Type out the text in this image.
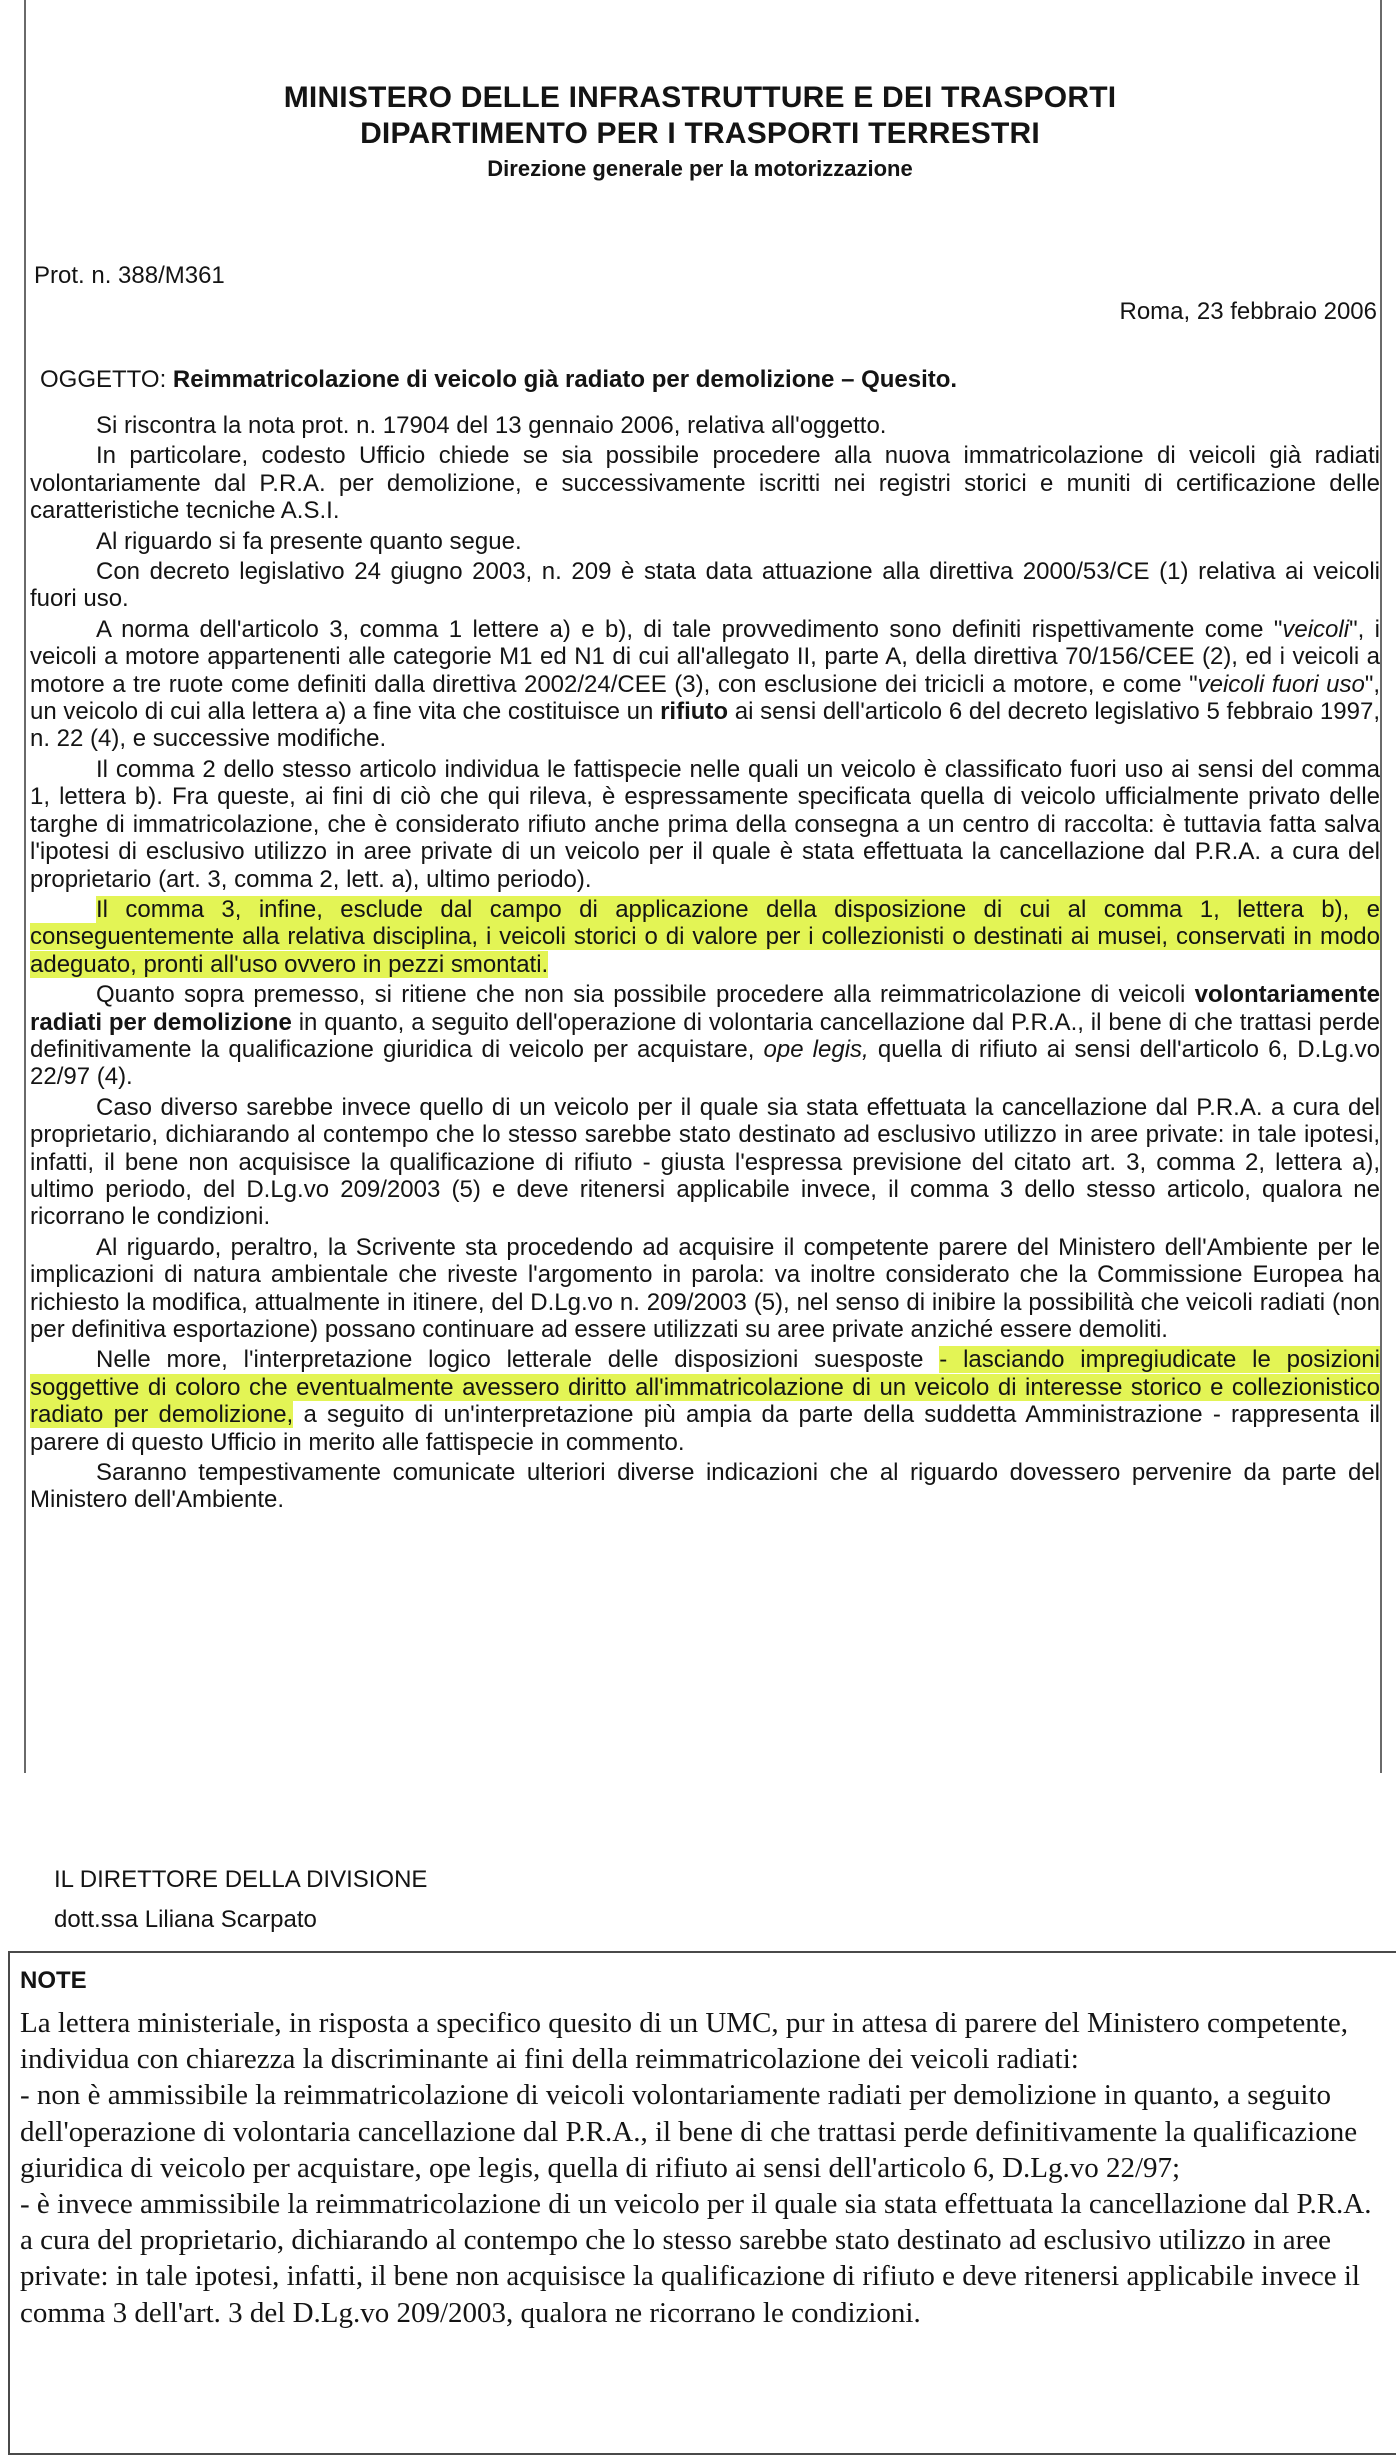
MINISTERO DELLE INFRASTRUTTURE E DEI TRASPORTI
DIPARTIMENTO PER I TRASPORTI TERRESTRI
Direzione generale per la motorizzazione
Prot. n. 388/M361
Roma, 23 febbraio 2006
OGGETTO: Reimmatricolazione di veicolo già radiato per demolizione – Quesito.

Si riscontra la nota prot. n. 17904 del 13 gennaio 2006, relativa all'oggetto.

In particolare, codesto Ufficio chiede se sia possibile procedere alla nuova immatricolazione di veicoli già radiati volontariamente dal P.R.A. per demolizione, e successivamente iscritti nei registri storici e muniti di certificazione delle caratteristiche tecniche A.S.I.

Al riguardo si fa presente quanto segue.

Con decreto legislativo 24 giugno 2003, n. 209 è stata data attuazione alla direttiva 2000/53/CE (1) relativa ai veicoli fuori uso.

A norma dell'articolo 3, comma 1 lettere a) e b), di tale provvedimento sono definiti rispettivamente come "veicoli", i veicoli a motore appartenenti alle categorie M1 ed N1 di cui all'allegato II, parte A, della direttiva 70/156/CEE (2), ed i veicoli a motore a tre ruote come definiti dalla direttiva 2002/24/CEE (3), con esclusione dei tricicli a motore, e come "veicoli fuori uso", un veicolo di cui alla lettera a) a fine vita che costituisce un rifiuto ai sensi dell'articolo 6 del decreto legislativo 5 febbraio 1997, n. 22 (4), e successive modifiche.

Il comma 2 dello stesso articolo individua le fattispecie nelle quali un veicolo è classificato fuori uso ai sensi del comma 1, lettera b). Fra queste, ai fini di ciò che qui rileva, è espressamente specificata quella di veicolo ufficialmente privato delle targhe di immatricolazione, che è considerato rifiuto anche prima della consegna a un centro di raccolta: è tuttavia fatta salva l'ipotesi di esclusivo utilizzo in aree private di un veicolo per il quale è stata effettuata la cancellazione dal P.R.A. a cura del proprietario (art. 3, comma 2, lett. a), ultimo periodo).

Il comma 3, infine, esclude dal campo di applicazione della disposizione di cui al comma 1, lettera b), e conseguentemente alla relativa disciplina, i veicoli storici o di valore per i collezionisti o destinati ai musei, conservati in modo adeguato, pronti all'uso ovvero in pezzi smontati.

Quanto sopra premesso, si ritiene che non sia possibile procedere alla reimmatricolazione di veicoli volontariamente radiati per demolizione in quanto, a seguito dell'operazione di volontaria cancellazione dal P.R.A., il bene di che trattasi perde definitivamente la qualificazione giuridica di veicolo per acquistare, ope legis, quella di rifiuto ai sensi dell'articolo 6, D.Lg.vo 22/97 (4).

Caso diverso sarebbe invece quello di un veicolo per il quale sia stata effettuata la cancellazione dal P.R.A. a cura del proprietario, dichiarando al contempo che lo stesso sarebbe stato destinato ad esclusivo utilizzo in aree private: in tale ipotesi, infatti, il bene non acquisisce la qualificazione di rifiuto - giusta l'espressa previsione del citato art. 3, comma 2, lettera a), ultimo periodo, del D.Lg.vo 209/2003 (5) e deve ritenersi applicabile invece, il comma 3 dello stesso articolo, qualora ne ricorrano le condizioni.

Al riguardo, peraltro, la Scrivente sta procedendo ad acquisire il competente parere del Ministero dell'Ambiente per le implicazioni di natura ambientale che riveste l'argomento in parola: va inoltre considerato che la Commissione Europea ha richiesto la modifica, attualmente in itinere, del D.Lg.vo n. 209/2003 (5), nel senso di inibire la possibilità che veicoli radiati (non per definitiva esportazione) possano continuare ad essere utilizzati su aree private anziché essere demoliti.

Nelle more, l'interpretazione logico letterale delle disposizioni suesposte - lasciando impregiudicate le posizioni soggettive di coloro che eventualmente avessero diritto all'immatricolazione di un veicolo di interesse storico e collezionistico radiato per demolizione, a seguito di un'interpretazione più ampia da parte della suddetta Amministrazione - rappresenta il parere di questo Ufficio in merito alle fattispecie in commento.

Saranno tempestivamente comunicate ulteriori diverse indicazioni che al riguardo dovessero pervenire da parte del Ministero dell'Ambiente.

IL DIRETTORE DELLA DIVISIONE
dott.ssa Liliana Scarpato
NOTE
La lettera ministeriale, in risposta a specifico quesito di un UMC, pur in attesa di parere del Ministero competente, individua con chiarezza la discriminante ai fini della reimmatricolazione dei veicoli radiati:
- non è ammissibile la reimmatricolazione di veicoli volontariamente radiati per demolizione in quanto, a seguito dell'operazione di volontaria cancellazione dal P.R.A., il bene di che trattasi perde definitivamente la qualificazione giuridica di veicolo per acquistare, ope legis, quella di rifiuto ai sensi dell'articolo 6, D.Lg.vo 22/97;
- è invece ammissibile la reimmatricolazione di un veicolo per il quale sia stata effettuata la cancellazione dal P.R.A. a cura del proprietario, dichiarando al contempo che lo stesso sarebbe stato destinato ad esclusivo utilizzo in aree private: in tale ipotesi, infatti, il bene non acquisisce la qualificazione di rifiuto e deve ritenersi applicabile invece il comma 3 dell'art. 3 del D.Lg.vo 209/2003, qualora ne ricorrano le condizioni.
